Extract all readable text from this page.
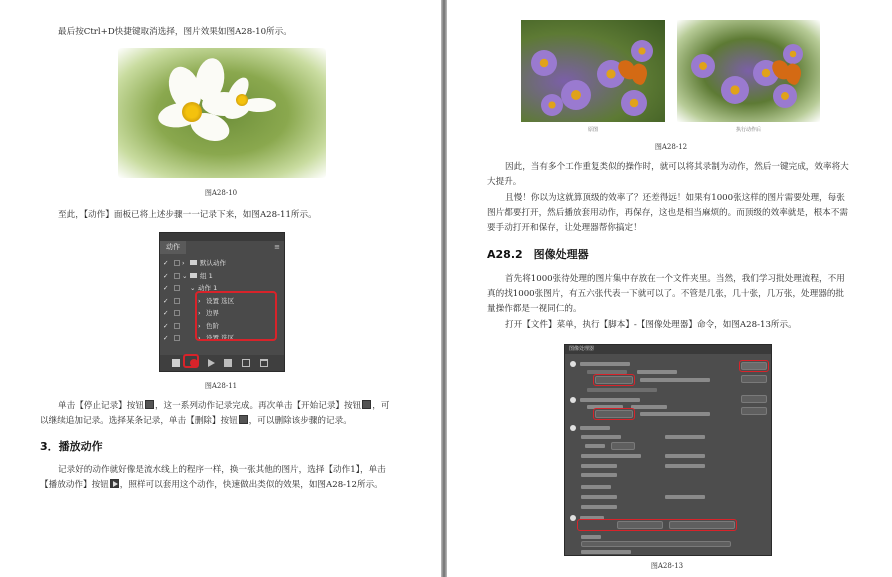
最后按Ctrl+D快捷键取消选择，图片效果如图A28-10所示。
图A28-10
至此，【动作】面板已将上述步骤一一记录下来，如图A28-11所示。
动作	≡
✓ › 默认动作
✓ ⌄ 组 1
✓	⌄ 动作 1
✓	› 设置 选区
✓	› 边界
✓	› 色阶
✓	› 设置 选区
图A28-11
单击【停止记录】按钮 ，这一系列动作记录完成。再次单击【开始记录】按钮 ，可
以继续追加记录。选择某条记录，单击【删除】按钮 ，可以删除该步骤的记录。
3．播放动作
记录好的动作就好像是流水线上的程序一样，换一张其他的图片，选择【动作1】，单击
【播放动作】按钮 ，照样可以套用这个动作，快速做出类似的效果，如图A28-12所示。
原图	执行动作后
图A28-12
因此，当有多个工作重复类似的操作时，就可以将其录制为动作，然后一键完成，效率将大大提升。
且慢！你以为这就算顶级的效率了？还差得远！如果有1000张这样的图片需要处理，每张图片都要打开，然后播放套用动作，再保存，这也是相当麻烦的。而顶级的效率就是，根本不需要手动打开和保存，让处理器帮你搞定！
A28.2　图像处理器
首先将1000张待处理的图片集中存放在一个文件夹里。当然，我们学习批处理流程，不用真的找1000张图片，有五六张代表一下就可以了。不管是几张，几十张，几万张，处理器的批量操作都是一视同仁的。
打开【文件】菜单，执行【脚本】-【图像处理器】命令，如图A28-13所示。
图像处理器
图A28-13
